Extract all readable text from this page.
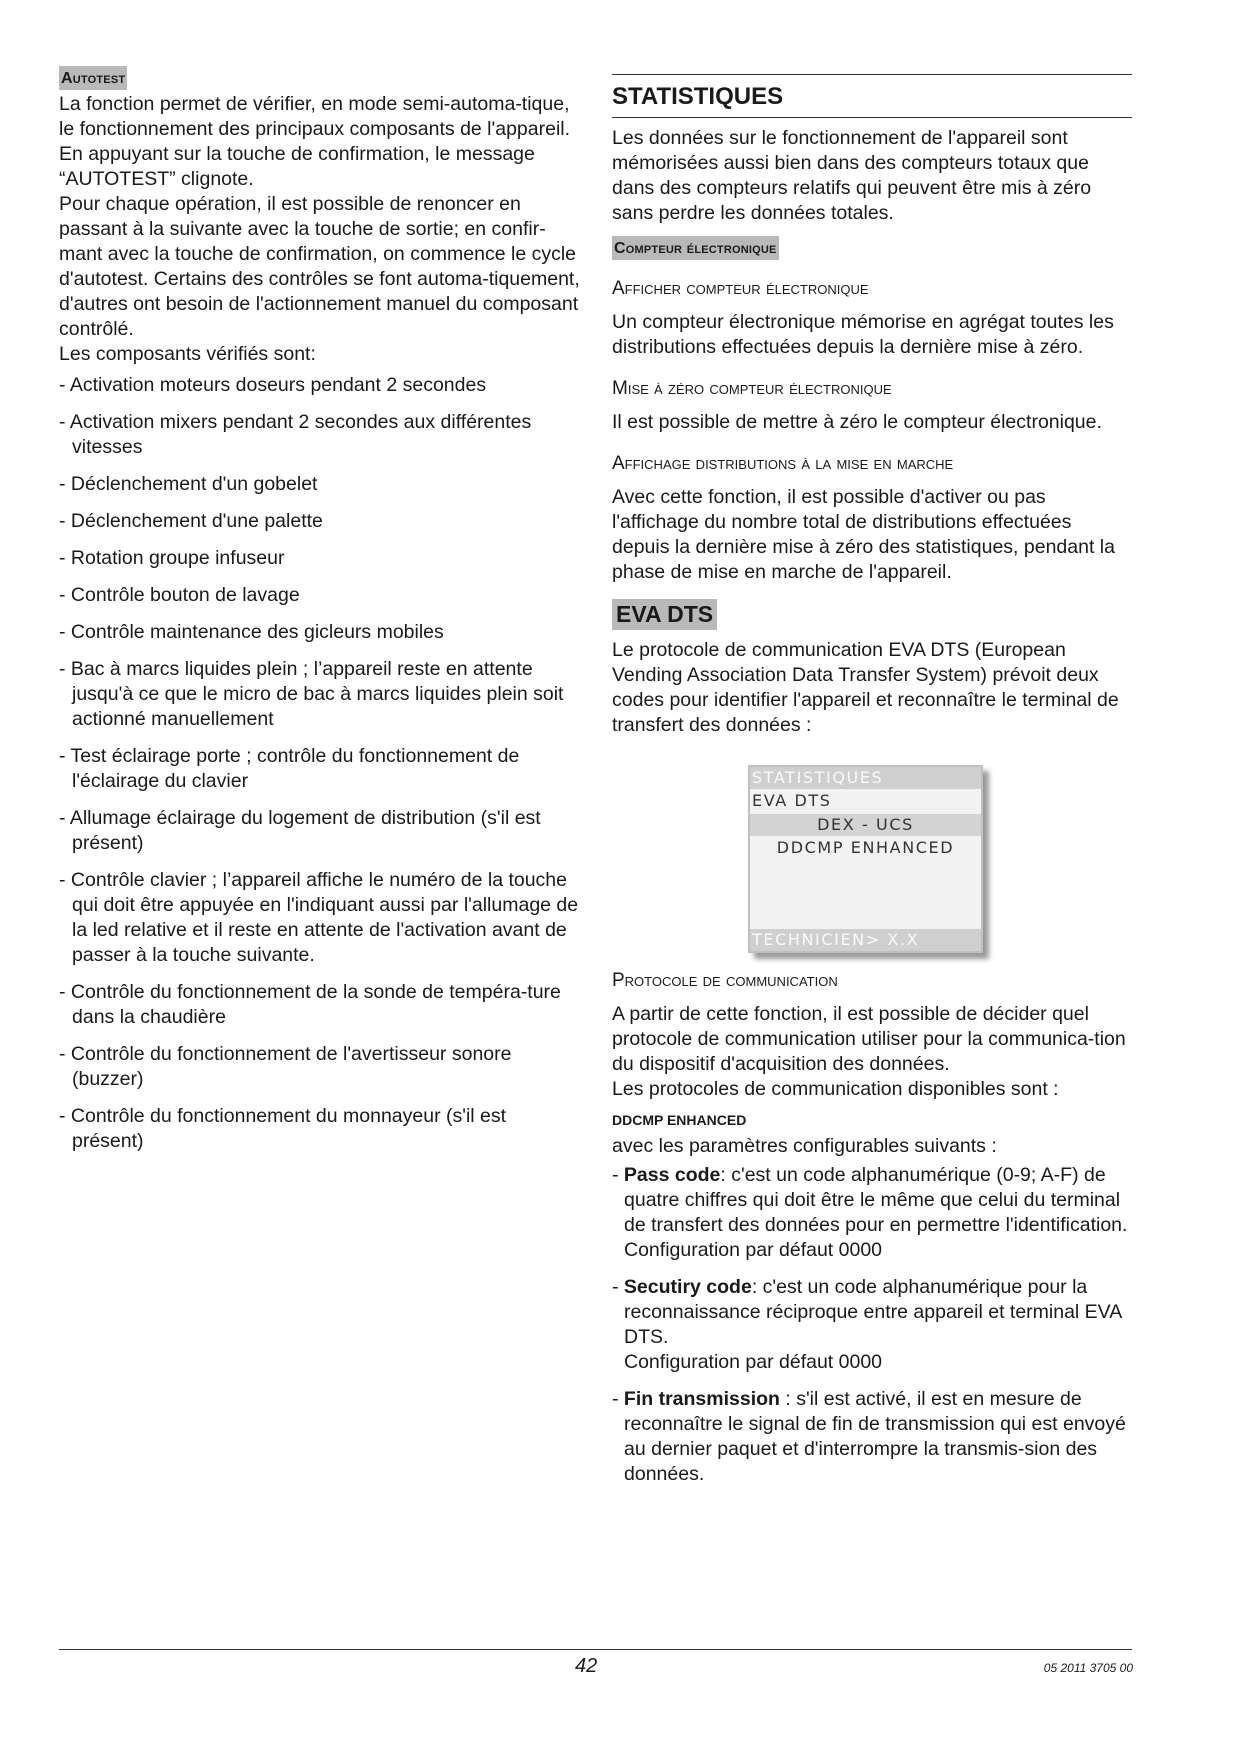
Autotest

La fonction permet de vérifier, en mode semi-automa-tique, le fonctionnement des principaux composants de l'appareil. En appuyant sur la touche de confirmation, le message “AUTOTEST” clignote.

Pour chaque opération, il est possible de renoncer en passant à la suivante avec la touche de sortie; en confir-mant avec la touche de confirmation, on commence le cycle d'autotest. Certains des contrôles se font automa-tiquement, d'autres ont besoin de l'actionnement manuel du composant contrôlé.

Les composants vérifiés sont:

- Activation moteurs doseurs pendant 2 secondes
- Activation mixers pendant 2 secondes aux différentes vitesses
- Déclenchement d'un gobelet
- Déclenchement d'une palette
- Rotation groupe infuseur
- Contrôle bouton de lavage
- Contrôle maintenance des gicleurs mobiles
- Bac à marcs liquides plein ; l’appareil reste en attente jusqu'à ce que le micro de bac à marcs liquides plein soit actionné manuellement
- Test éclairage porte ; contrôle du fonctionnement de l'éclairage du clavier
- Allumage éclairage du logement de distribution (s'il est présent)
- Contrôle clavier ; l’appareil affiche le numéro de la touche qui doit être appuyée en l'indiquant aussi par l'allumage de la led relative et il reste en attente de l'activation avant de passer à la touche suivante.
- Contrôle du fonctionnement de la sonde de tempéra-ture dans la chaudière
- Contrôle du fonctionnement de l'avertisseur sonore (buzzer)
- Contrôle du fonctionnement du monnayeur (s'il est présent)
STATISTIQUES

Les données sur le fonctionnement de l'appareil sont mémorisées aussi bien dans des compteurs totaux que dans des compteurs relatifs qui peuvent être mis à zéro sans perdre les données totales.

Compteur électronique
Afficher compteur électronique

Un compteur électronique mémorise en agrégat toutes les distributions effectuées depuis la dernière mise à zéro.

Mise à zéro compteur électronique

Il est possible de mettre à zéro le compteur électronique.

Affichage distributions à la mise en marche

Avec cette fonction, il est possible d'activer ou pas l'affichage du nombre total de distributions effectuées depuis la dernière mise à zéro des statistiques, pendant la phase de mise en marche de l'appareil.

EVA DTS

Le protocole de communication EVA DTS (European Vending Association Data Transfer System) prévoit deux codes pour identifier l'appareil et reconnaître le terminal de transfert des données :

STATISTIQUES
EVA DTS
DEX - UCS
DDCMP ENHANCED
TECHNICIEN> X.X
Protocole de communication

A partir de cette fonction, il est possible de décider quel protocole de communication utiliser pour la communica-tion du dispositif d'acquisition des données.

Les protocoles de communication disponibles sont :

DDCMP ENHANCED

avec les paramètres configurables suivants :

- Pass code: c'est un code alphanumérique (0-9; A-F) de quatre chiffres qui doit être le même que celui du terminal de transfert des données pour en permettre l'identification.
Configuration par défaut 0000
- Secutiry code: c'est un code alphanumérique pour la reconnaissance réciproque entre appareil et terminal EVA DTS.
Configuration par défaut 0000
- Fin transmission : s'il est activé, il est en mesure de reconnaître le signal de fin de transmission qui est envoyé au dernier paquet et d'interrompre la transmis-sion des données.
42	05 2011 3705 00
